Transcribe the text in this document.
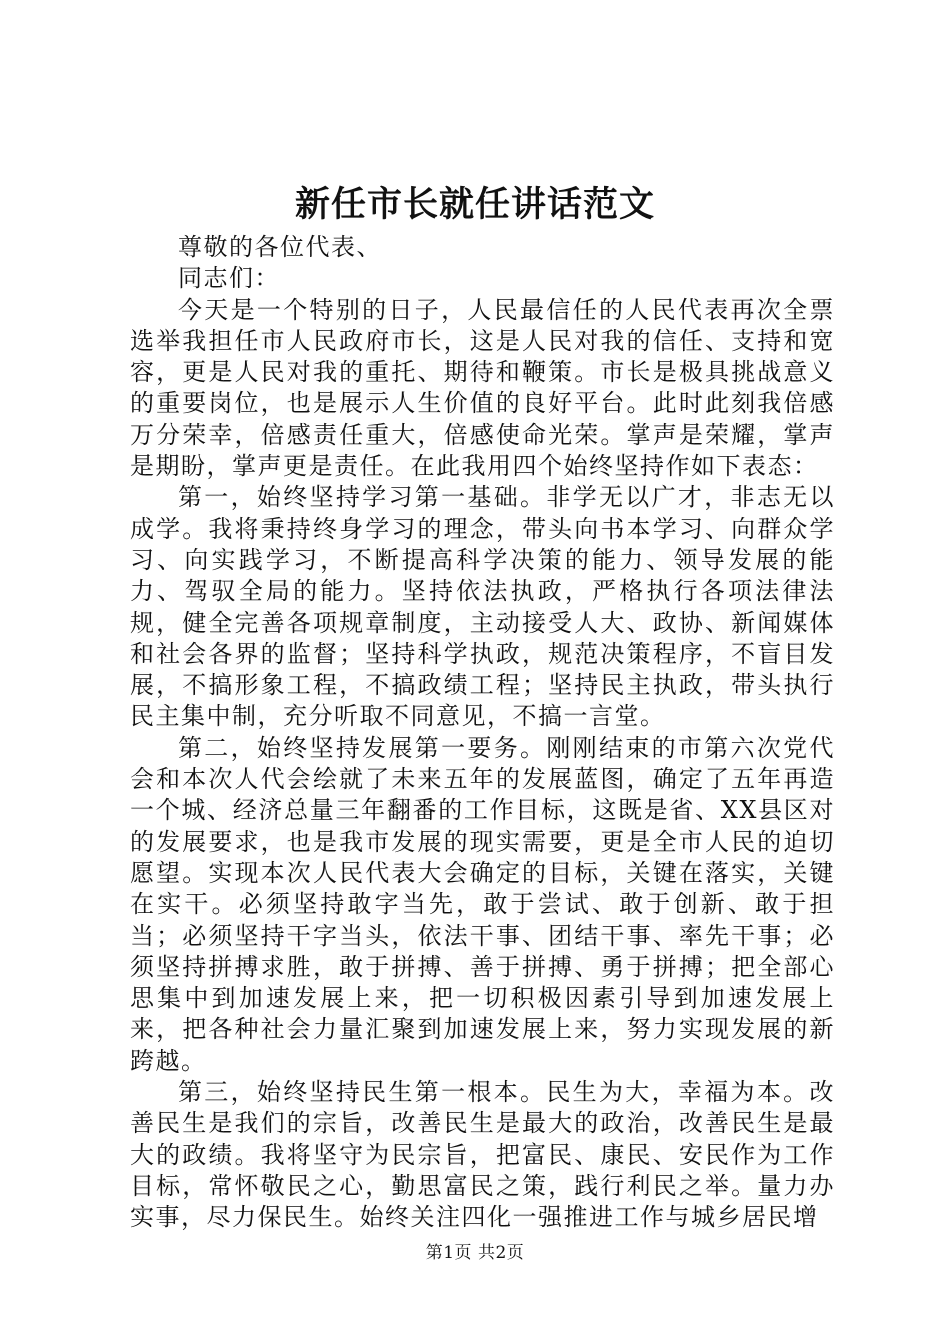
新任市长就任讲话范文

尊敬的各位代表、

同志们：

今天是一个特别的日子，人民最信任的人民代表再次全票选举我担任市人民政府市长，这是人民对我的信任、支持和宽容，更是人民对我的重托、期待和鞭策。市长是极具挑战意义的重要岗位，也是展示人生价值的良好平台。此时此刻我倍感万分荣幸，倍感责任重大，倍感使命光荣。掌声是荣耀，掌声是期盼，掌声更是责任。在此我用四个始终坚持作如下表态：

第一，始终坚持学习第一基础。非学无以广才，非志无以成学。我将秉持终身学习的理念，带头向书本学习、向群众学习、向实践学习，不断提高科学决策的能力、领导发展的能力、驾驭全局的能力。坚持依法执政，严格执行各项法律法规，健全完善各项规章制度，主动接受人大、政协、新闻媒体和社会各界的监督；坚持科学执政，规范决策程序，不盲目发展，不搞形象工程，不搞政绩工程；坚持民主执政，带头执行民主集中制，充分听取不同意见，不搞一言堂。

第二，始终坚持发展第一要务。刚刚结束的市第六次党代会和本次人代会绘就了未来五年的发展蓝图，确定了五年再造一个城、经济总量三年翻番的工作目标，这既是省、XX县区对的发展要求，也是我市发展的现实需要，更是全市人民的迫切愿望。实现本次人民代表大会确定的目标，关键在落实，关键在实干。必须坚持敢字当先，敢于尝试、敢于创新、敢于担当；必须坚持干字当头，依法干事、团结干事、率先干事；必须坚持拼搏求胜，敢于拼搏、善于拼搏、勇于拼搏；把全部心思集中到加速发展上来，把一切积极因素引导到加速发展上来，把各种社会力量汇聚到加速发展上来，努力实现发展的新跨越。

第三，始终坚持民生第一根本。民生为大，幸福为本。改善民生是我们的宗旨，改善民生是最大的政治，改善民生是最大的政绩。我将坚守为民宗旨，把富民、康民、安民作为工作目标，常怀敬民之心，勤思富民之策，践行利民之举。量力办实事，尽力保民生。始终关注四化一强推进工作与城乡居民增

第1页 共2页
